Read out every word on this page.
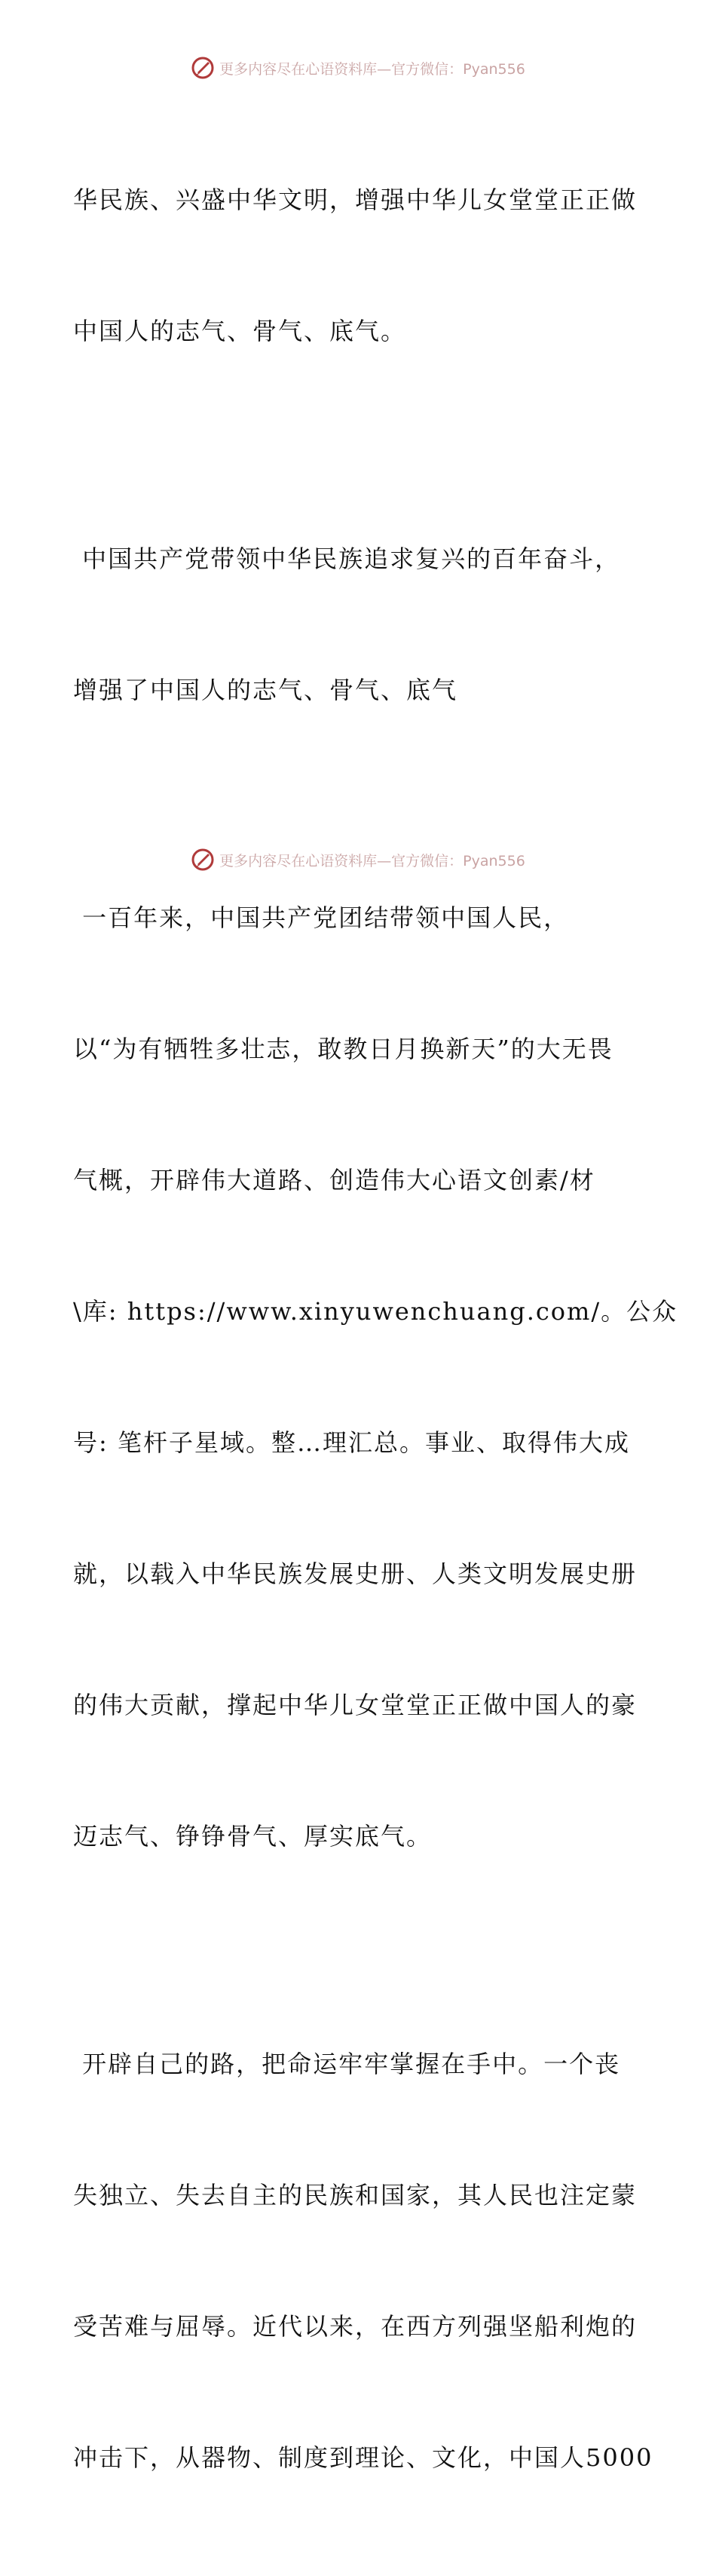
更多内容尽在心语资料库—官方微信：Pyan556

华民族、兴盛中华文明，增强中华儿女堂堂正正做

中国人的志气、骨气、底气。

中国共产党带领中华民族追求复兴的百年奋斗，

增强了中国人的志气、骨气、底气

一百年来，中国共产党团结带领中国人民，

以“为有牺牲多壮志，敢教日月换新天”的大无畏

气概，开辟伟大道路、创造伟大心语文创素/材

\库: https://www.xinyuwenchuang.com/。公众

号: 笔杆子星域。整…理汇总。事业、取得伟大成

就，以载入中华民族发展史册、人类文明发展史册

的伟大贡献，撑起中华儿女堂堂正正做中国人的豪

迈志气、铮铮骨气、厚实底气。

开辟自己的路，把命运牢牢掌握在手中。一个丧

失独立、失去自主的民族和国家，其人民也注定蒙

受苦难与屈辱。近代以来，在西方列强坚船利炮的

冲击下，从器物、制度到理论、文化，中国人5000

更多内容尽在心语资料库—官方微信：Pyan556
